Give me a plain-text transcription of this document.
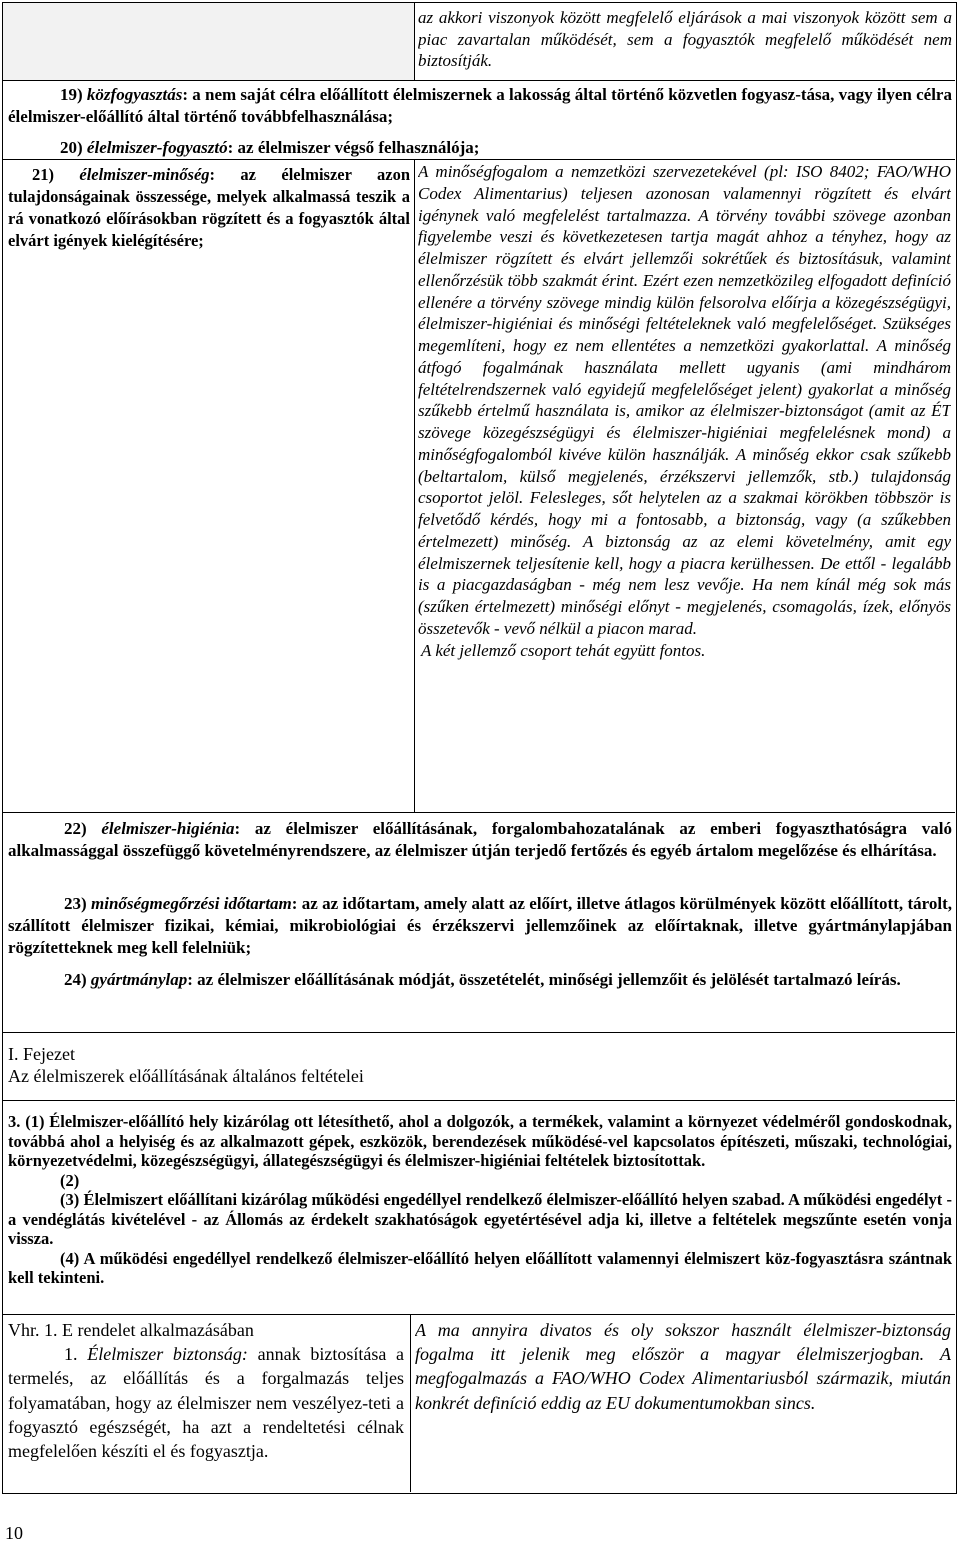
az akkori viszonyok között megfelelő eljárások a mai viszonyok között sem a piac zavartalan működését, sem a fogyasztók megfelelő működését nem biztosítják.
19) közfogyasztás: a nem saját célra előállított élelmiszernek a lakosság által történő közvetlen fogyasz-tása, vagy ilyen célra élelmiszer-előállító által történő továbbfelhasználása;
20) élelmiszer-fogyasztó: az élelmiszer végső felhasználója;
21) élelmiszer-minőség: az élelmiszer azon tulajdonságainak összessége, melyek alkalmassá teszik a rá vonatkozó előírásokban rögzített és a fogyasztók által elvárt igények kielégítésére;

A minőségfogalom a nemzetközi szervezetekével (pl: ISO 8402; FAO/WHO Codex Alimentarius) teljesen azonosan valamennyi rögzített és elvárt igénynek való megfelelést tartalmazza. A törvény további szövege azonban figyelembe veszi és következetesen tartja magát ahhoz a tényhez, hogy az élelmiszer rögzített és elvárt jellemzői sokrétűek és biztosításuk, valamint ellenőrzésük több szakmát érint. Ezért ezen nemzetközileg elfogadott definíció ellenére a törvény szövege mindig külön felsorolva előírja a közegészségügyi, élelmiszer-higiéniai és minőségi feltételeknek való megfelelőséget. Szükséges megemlíteni, hogy ez nem ellentétes a nemzetközi gyakorlattal. A minőség átfogó fogalmának használata mellett ugyanis (ami mindhárom feltételrendszernek való egyidejű megfelelőséget jelent) gyakorlat a minőség szűkebb értelmű használata is, amikor az élelmiszer-biztonságot (amit az ÉT szövege közegészségügyi és élelmiszer-higiéniai megfelelésnek mond) a minőségfogalomból kivéve külön használják. A minőség ekkor csak szűkebb (beltartalom, külső megjelenés, érzékszervi jellemzők, stb.) tulajdonság csoportot jelöl. Felesleges, sőt helytelen az a szakmai körökben többször is felvetődő kérdés, hogy mi a fontosabb, a biztonság, vagy (a szűkebben értelmezett) minőség. A biztonság az az elemi követelmény, amit egy élelmiszernek teljesítenie kell, hogy a piacra kerülhessen. De ettől - legalább is a piacgazdaságban - még nem lesz vevője. Ha nem kínál még sok más (szűken értelmezett) minőségi előnyt - megjelenés, csomagolás, ízek, előnyös összetevők - vevő nélkül a piacon marad.

A két jellemző csoport tehát együtt fontos.

22) élelmiszer-higiénia: az élelmiszer előállításának, forgalombahozatalának az emberi fogyaszthatóságra való alkalmassággal összefüggő követelményrendszere, az élelmiszer útján terjedő fertőzés és egyéb ártalom megelőzése és elhárítása.
23) minőségmegőrzési időtartam: az az időtartam, amely alatt az előírt, illetve átlagos körülmények között előállított, tárolt, szállított élelmiszer fizikai, kémiai, mikrobiológiai és érzékszervi jellemzőinek az előírtaknak, illetve gyártmánylapjában rögzítetteknek meg kell felelniük;
24) gyártmánylap: az élelmiszer előállításának módját, összetételét, minőségi jellemzőit és jelölését tartalmazó leírás.

I. Fejezet

Az élelmiszerek előállításának általános feltételei

3. (1) Élelmiszer-előállító hely kizárólag ott létesíthető, ahol a dolgozók, a termékek, valamint a környezet védelméről gondoskodnak, továbbá ahol a helyiség és az alkalmazott gépek, eszközök, berendezések működésé-vel kapcsolatos építészeti, műszaki, technológiai, környezetvédelmi, közegészségügyi, állategészségügyi és élelmiszer-higiéniai feltételek biztosítottak.

(2)

(3) Élelmiszert előállítani kizárólag működési engedéllyel rendelkező élelmiszer-előállító helyen szabad. A működési engedélyt - a vendéglátás kivételével - az Állomás az érdekelt szakhatóságok egyetértésével adja ki, illetve a feltételek megszűnte esetén vonja vissza.

(4) A működési engedéllyel rendelkező élelmiszer-előállító helyen előállított valamennyi élelmiszert köz-fogyasztásra szántnak kell tekinteni.

Vhr. 1. E rendelet alkalmazásában

1. Élelmiszer biztonság: annak biztosítása a termelés, az előállítás és a forgalmazás teljes folyamatában, hogy az élelmiszer nem veszélyez-teti a fogyasztó egészségét, ha azt a rendeltetési célnak megfelelően készíti el és fogyasztja.

A ma annyira divatos és oly sokszor használt élelmiszer-biztonság fogalma itt jelenik meg először a magyar élelmiszerjogban. A megfogalmazás a FAO/WHO Codex Alimentariusból származik, miután konkrét definíció eddig az EU dokumentumokban sincs.
10
